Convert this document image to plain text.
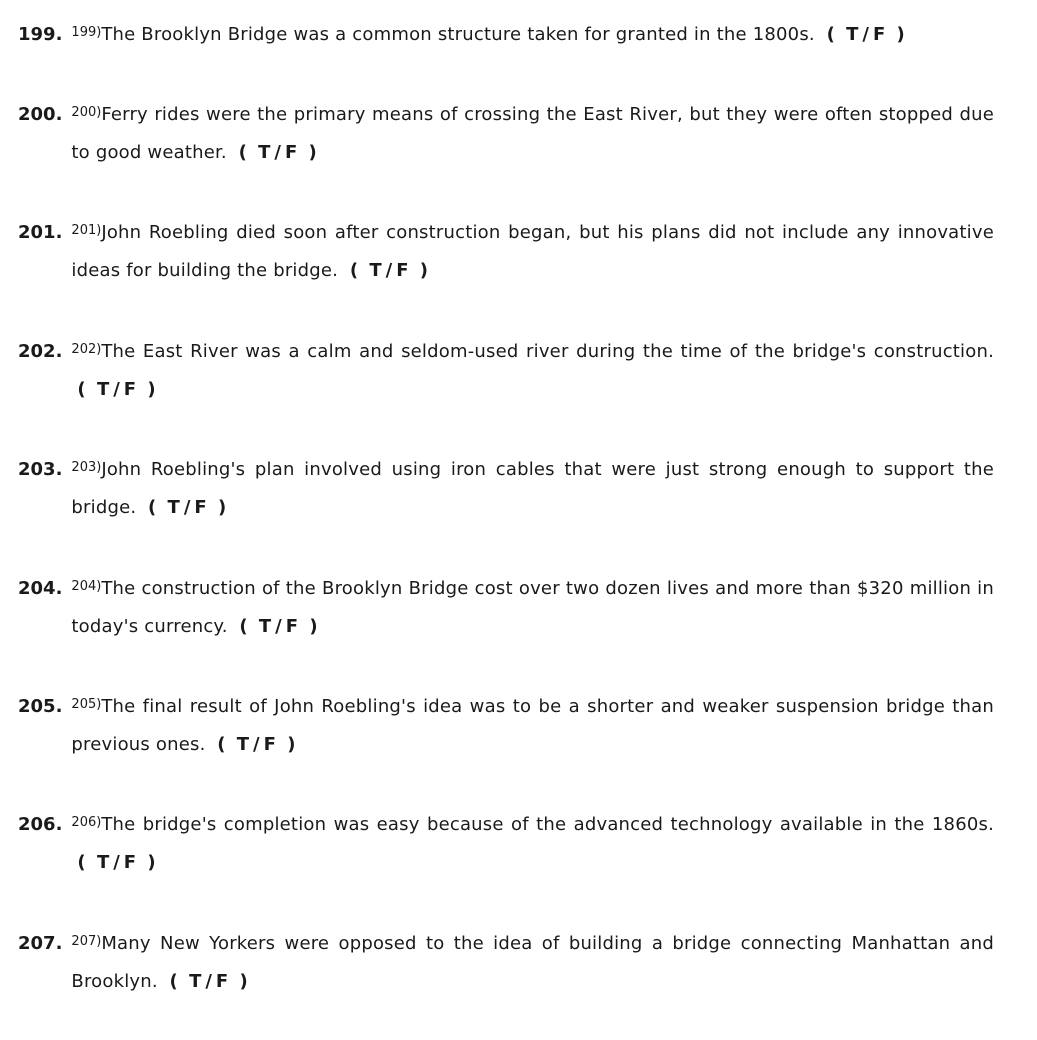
199. $^{199)}$The Brooklyn Bridge was a common structure taken for granted in the 1800s. ( T / F )
200. $^{200)}$Ferry rides were the primary means of crossing the East River, but they were often stopped due to good weather. ( T / F )
201. $^{201)}$John Roebling died soon after construction began, but his plans did not include any innovative ideas for building the bridge. ( T / F )
202. $^{202)}$The East River was a calm and seldom-used river during the time of the bridge's construction. ( T / F )
203. $^{203)}$John Roebling's plan involved using iron cables that were just strong enough to support the bridge. ( T / F )
204. $^{204)}$The construction of the Brooklyn Bridge cost over two dozen lives and more than $320 million in today's currency. ( T / F )
205. $^{205)}$The final result of John Roebling's idea was to be a shorter and weaker suspension bridge than previous ones. ( T / F )
206. $^{206)}$The bridge's completion was easy because of the advanced technology available in the 1860s. ( T / F )
207. $^{207)}$Many New Yorkers were opposed to the idea of building a bridge connecting Manhattan and Brooklyn. ( T / F )
